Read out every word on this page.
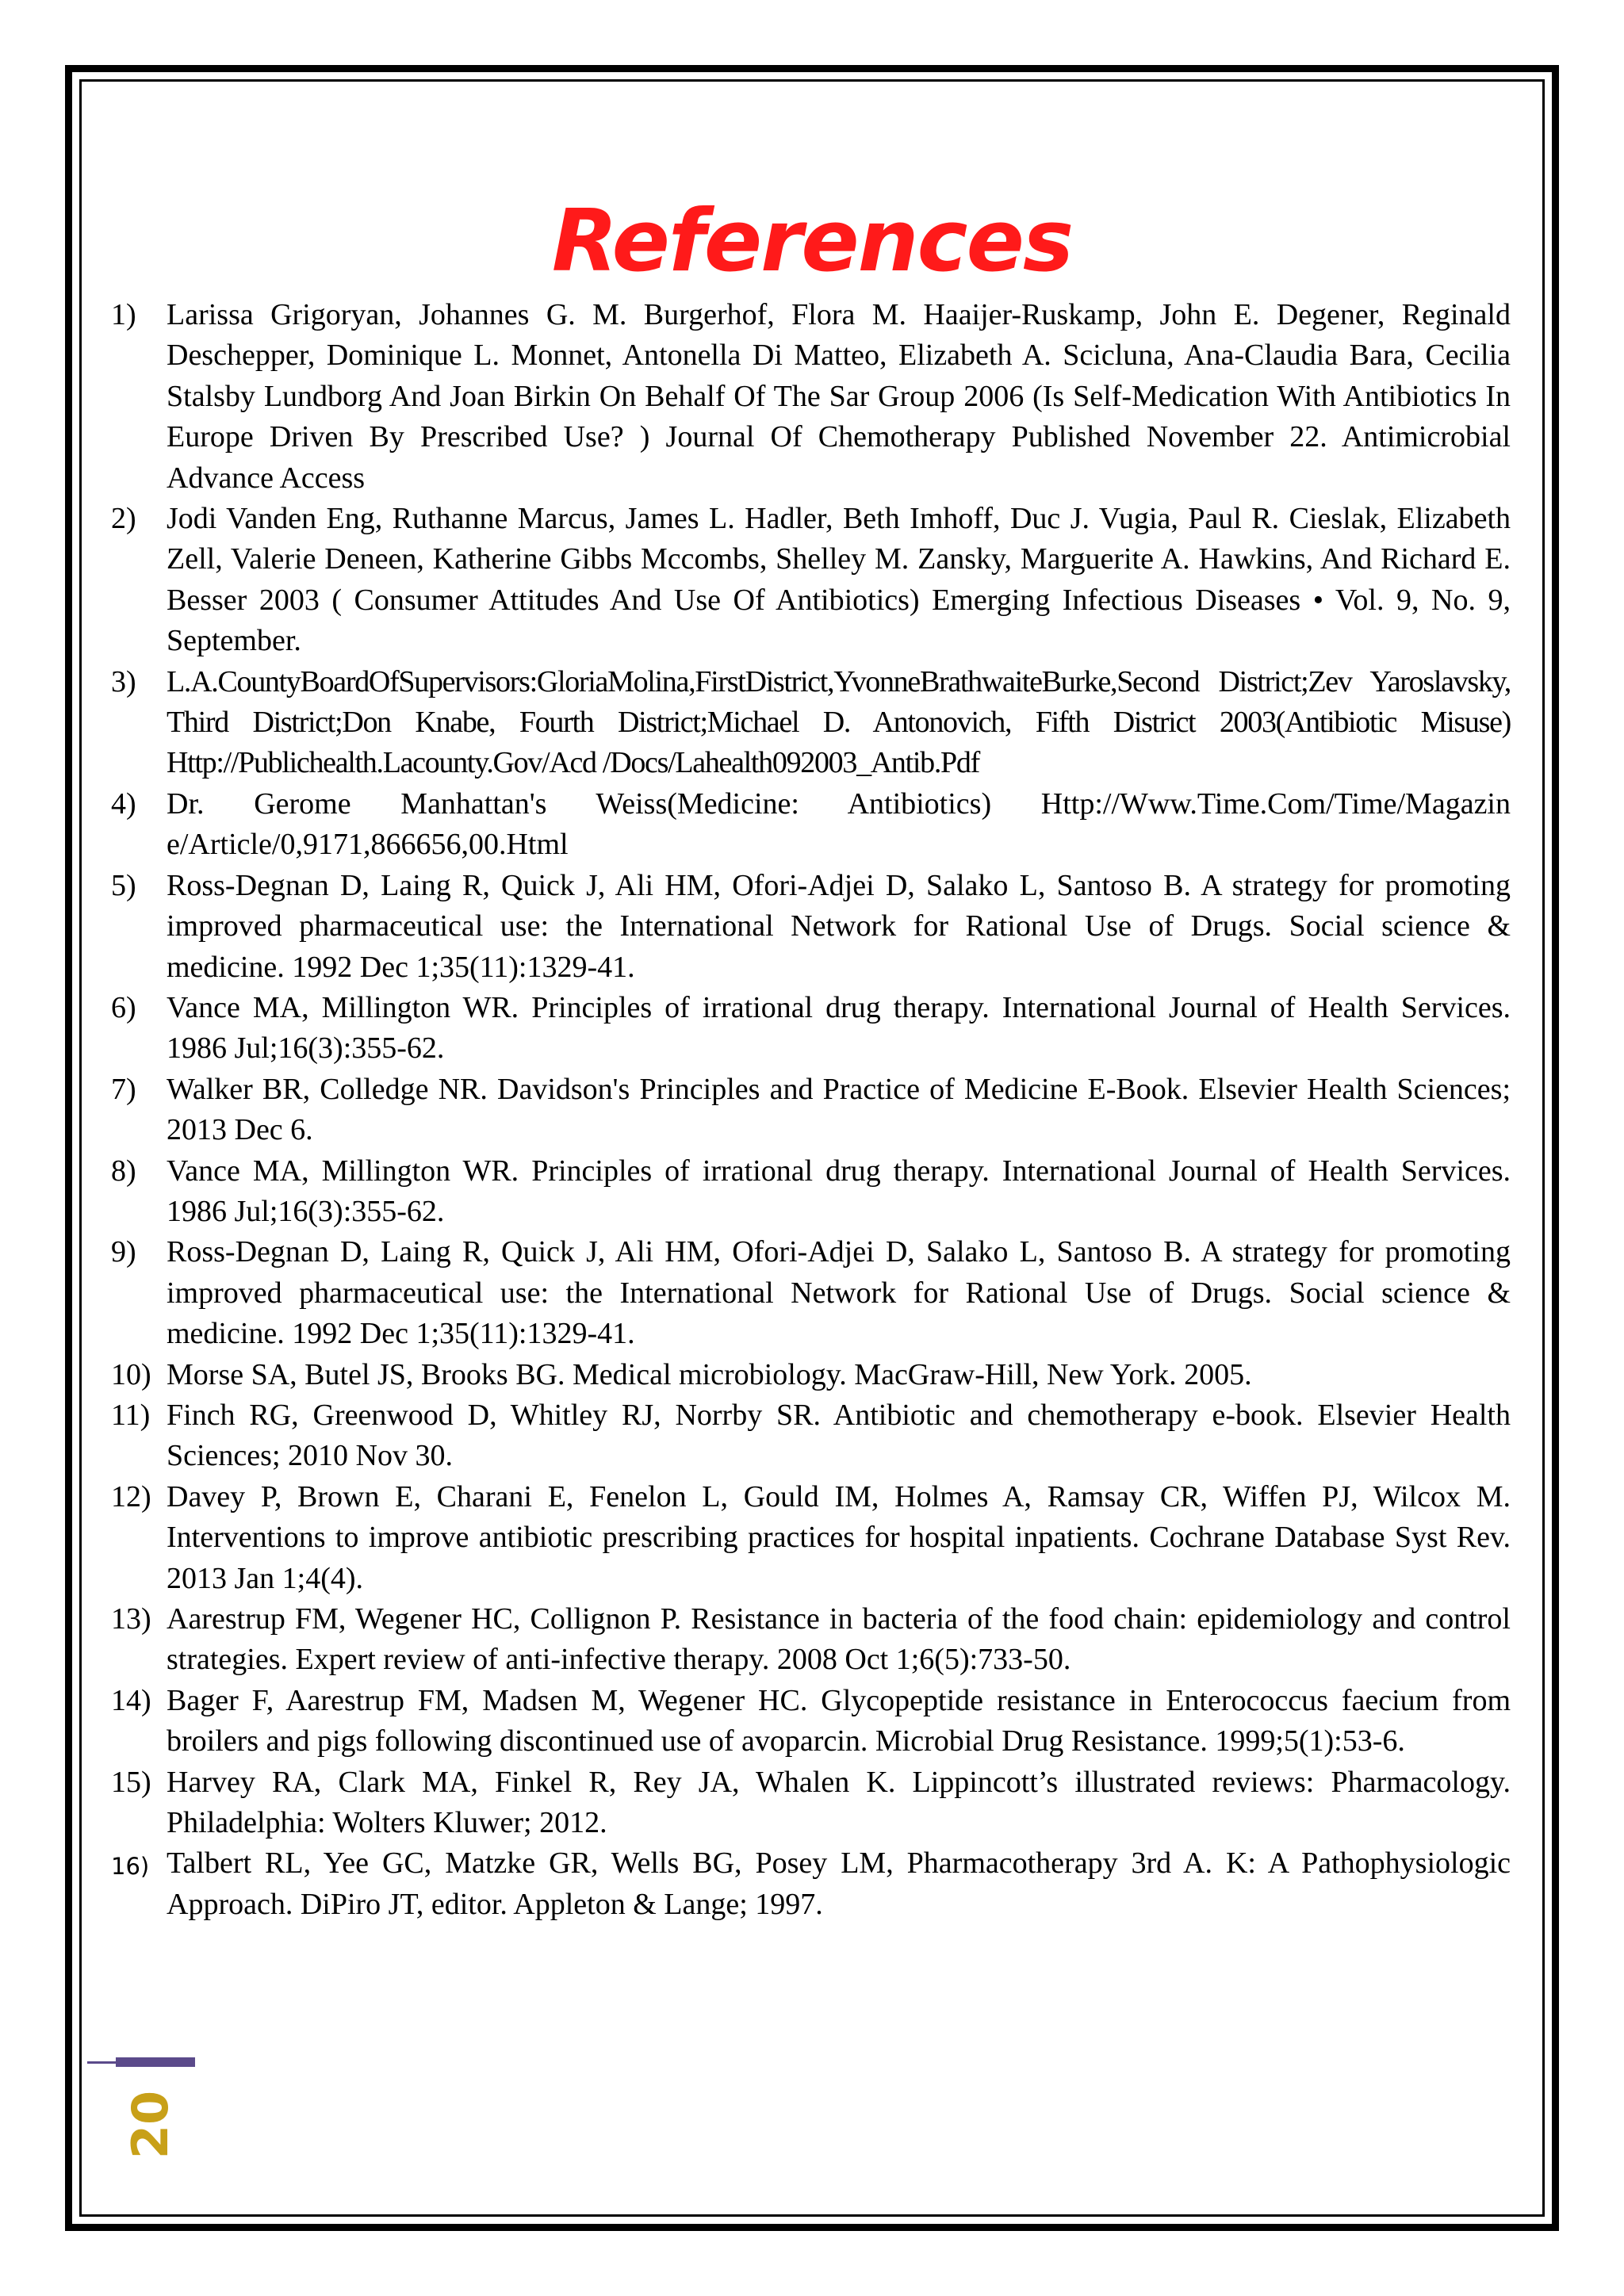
References
1)	Larissa Grigoryan, Johannes G. M. Burgerhof, Flora M. Haaijer-Ruskamp, John E. Degener, Reginald Deschepper, Dominique L. Monnet, Antonella Di Matteo, Elizabeth A. Scicluna, Ana-Claudia Bara, Cecilia Stalsby Lundborg And Joan Birkin On Behalf Of The Sar Group 2006 (Is Self-Medication With Antibiotics In Europe Driven By Prescribed Use? ) Journal Of Chemotherapy Published November 22. Antimicrobial Advance Access
2)	Jodi Vanden Eng, Ruthanne Marcus, James L. Hadler, Beth Imhoff, Duc J. Vugia, Paul R. Cieslak, Elizabeth Zell, Valerie Deneen, Katherine Gibbs Mccombs, Shelley M. Zansky, Marguerite A. Hawkins, And Richard E. Besser 2003 ( Consumer Attitudes And Use Of Antibiotics) Emerging Infectious Diseases • Vol. 9, No. 9, September.
3)	L.A.CountyBoardOfSupervisors:GloriaMolina,FirstDistrict,YvonneBrathwaiteBurke,Second District;Zev Yaroslavsky, Third District;Don Knabe, Fourth District;Michael D. Antonovich, Fifth District 2003(Antibiotic Misuse) Http://Publichealth.Lacounty.Gov/Acd /Docs/Lahealth092003_Antib.Pdf
4)	Dr. Gerome Manhattan's Weiss(Medicine: Antibiotics) Http://Www.Time.Com/Time/Magazin e/Article/0,9171,866656,00.Html
5)	Ross-Degnan D, Laing R, Quick J, Ali HM, Ofori-Adjei D, Salako L, Santoso B. A strategy for promoting improved pharmaceutical use: the International Network for Rational Use of Drugs. Social science & medicine. 1992 Dec 1;35(11):1329-41.
6)	Vance MA, Millington WR. Principles of irrational drug therapy. International Journal of Health Services. 1986 Jul;16(3):355-62.
7)	Walker BR, Colledge NR. Davidson's Principles and Practice of Medicine E-Book. Elsevier Health Sciences; 2013 Dec 6.
8)	Vance MA, Millington WR. Principles of irrational drug therapy. International Journal of Health Services. 1986 Jul;16(3):355-62.
9)	Ross-Degnan D, Laing R, Quick J, Ali HM, Ofori-Adjei D, Salako L, Santoso B. A strategy for promoting improved pharmaceutical use: the International Network for Rational Use of Drugs. Social science & medicine. 1992 Dec 1;35(11):1329-41.
10) Morse SA, Butel JS, Brooks BG. Medical microbiology. MacGraw-Hill, New York. 2005.
11) Finch RG, Greenwood D, Whitley RJ, Norrby SR. Antibiotic and chemotherapy e-book. Elsevier Health Sciences; 2010 Nov 30.
12) Davey P, Brown E, Charani E, Fenelon L, Gould IM, Holmes A, Ramsay CR, Wiffen PJ, Wilcox M. Interventions to improve antibiotic prescribing practices for hospital inpatients. Cochrane Database Syst Rev. 2013 Jan 1;4(4).
13) Aarestrup FM, Wegener HC, Collignon P. Resistance in bacteria of the food chain: epidemiology and control strategies. Expert review of anti-infective therapy. 2008 Oct 1;6(5):733-50.
14) Bager F, Aarestrup FM, Madsen M, Wegener HC. Glycopeptide resistance in Enterococcus faecium from broilers and pigs following discontinued use of avoparcin. Microbial Drug Resistance. 1999;5(1):53-6.
15) Harvey RA, Clark MA, Finkel R, Rey JA, Whalen K. Lippincott’s illustrated reviews: Pharmacology. Philadelphia: Wolters Kluwer; 2012.
16) Talbert RL, Yee GC, Matzke GR, Wells BG, Posey LM, Pharmacotherapy 3rd A. K: A Pathophysiologic Approach. DiPiro JT, editor. Appleton & Lange; 1997.
20
